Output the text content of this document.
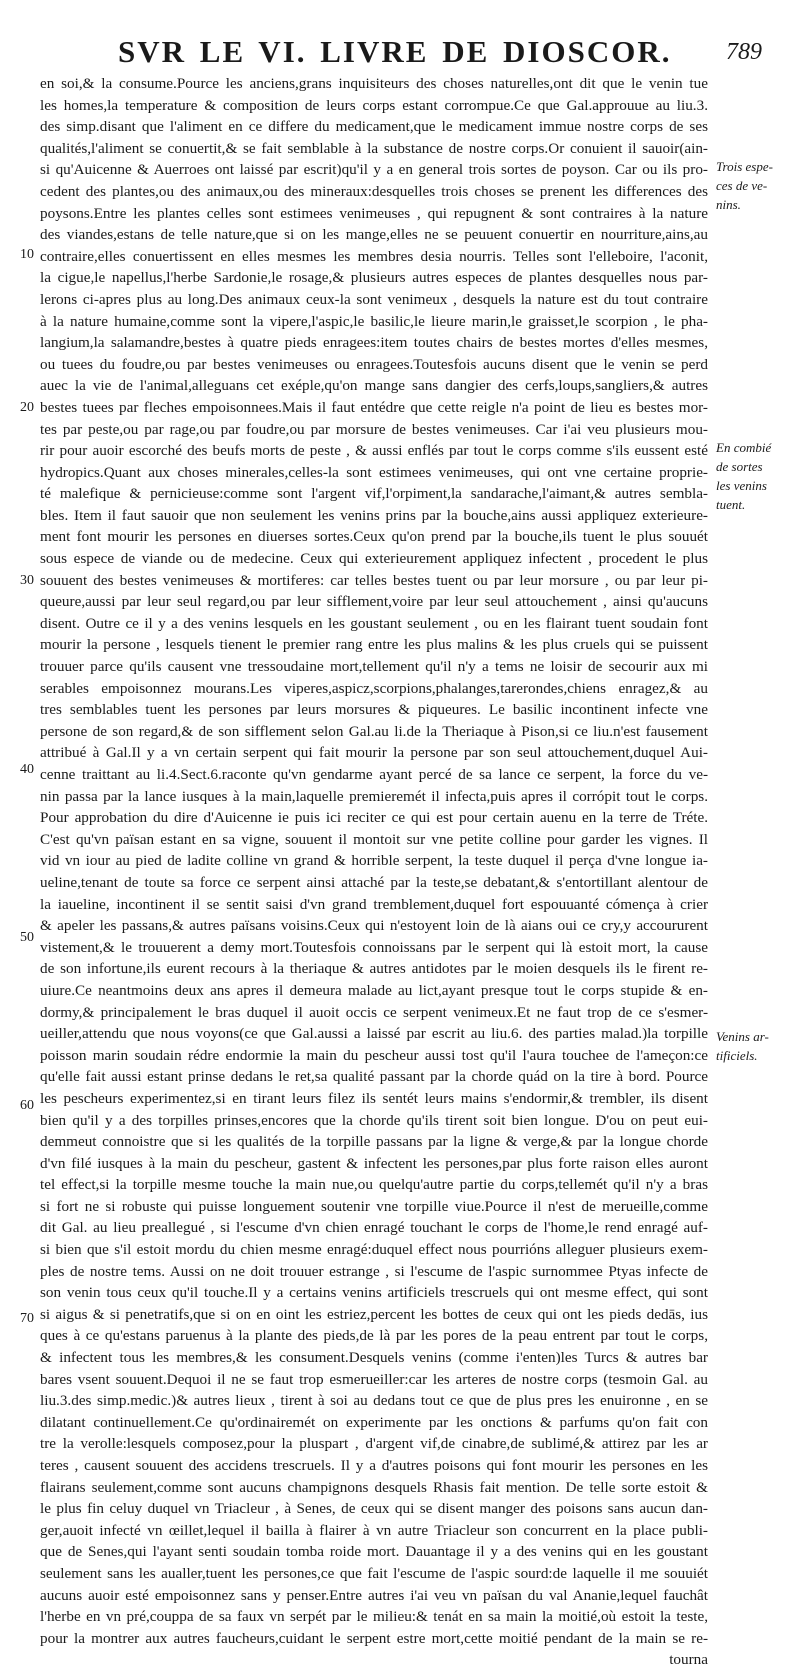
SVR LE VI. LIVRE DE DIOSCOR. 789
en soi,& la consume.Pource les anciens,grans inquisiteurs des choses naturelles,ont dit que le venin tue
les homes,la temperature & composition de leurs corps estant corrompue.Ce que Gal.approuue au liu.3.
des simp.disant que l'aliment en ce differe du medicament,que le medicament immue nostre corps de ses
qualités,l'aliment se conuertit,& se fait semblable à la substance de nostre corps.Or conuient il sauoir(ain-
si qu'Auicenne & Auerroes ont laissé par escrit)qu'il y a en general trois sortes de poyson. Car ou ils pro-
cedent des plantes,ou des animaux,ou des mineraux:desquelles trois choses se prenent les differences des
poysons.Entre les plantes celles sont estimees venimeuses , qui repugnent & sont contraires à la nature
des viandes,estans de telle nature,que si on les mange,elles ne se peuuent conuertir en nourriture,ains,au
contraire,elles conuertissent en elles mesmes les membres desia nourris. Telles sont l'elleboire, l'aconit,
la cigue,le napellus,l'herbe Sardonie,le rosage,& plusieurs autres especes de plantes desquelles nous par-
lerons ci-apres plus au long.Des animaux ceux-la sont venimeux , desquels la nature est du tout contraire
à la nature humaine,comme sont la vipere,l'aspic,le basilic,le lieure marin,le graisset,le scorpion , le pha-
langium,la salamandre,bestes à quatre pieds enragees:item toutes chairs de bestes mortes d'elles mesmes,
ou tuees du foudre,ou par bestes venimeuses ou enragees.Toutesfois aucuns disent que le venin se perd
auec la vie de l'animal,alleguans cet exéple,qu'on mange sans dangier des cerfs,loups,sangliers,& autres
bestes tuees par fleches empoisonnees.Mais il faut entédre que cette reigle n'a point de lieu es bestes mor-
tes par peste,ou par rage,ou par foudre,ou par morsure de bestes venimeuses. Car i'ai veu plusieurs mou-
rir pour auoir escorché des beufs morts de peste , & aussi enflés par tout le corps comme s'ils eussent esté
hydropics.Quant aux choses minerales,celles-la sont estimees venimeuses, qui ont vne certaine proprie-
té malefique & pernicieuse:comme sont l'argent vif,l'orpiment,la sandarache,l'aimant,& autres sembla-
bles. Item il faut sauoir que non seulement les venins prins par la bouche,ains aussi appliquez exterieure-
ment font mourir les persones en diuerses sortes.Ceux qu'on prend par la bouche,ils tuent le plus souuét
sous espece de viande ou de medecine. Ceux qui exterieurement appliquez infectent , procedent le plus
souuent des bestes venimeuses & mortiferes: car telles bestes tuent ou par leur morsure , ou par leur pi-
queure,aussi par leur seul regard,ou par leur sifflement,voire par leur seul attouchement , ainsi qu'aucuns
disent. Outre ce il y a des venins lesquels en les goustant seulement , ou en les flairant tuent soudain font
mourir la persone , lesquels tienent le premier rang entre les plus malins & les plus cruels qui se puissent
trouuer parce qu'ils causent vne tressoudaine mort,tellement qu'il n'y a tems ne loisir de secourir aux mi
serables empoisonnez mourans.Les viperes,aspicz,scorpions,phalanges,tarerondes,chiens enragez,& au
tres semblables tuent les persones par leurs morsures & piqueures. Le basilic incontinent infecte vne
persone de son regard,& de son sifflement selon Gal.au li.de la Theriaque à Pison,si ce liu.n'est fausement
attribué à Gal.Il y a vn certain serpent qui fait mourir la persone par son seul attouchement,duquel Aui-
cenne traittant au li.4.Sect.6.raconte qu'vn gendarme ayant percé de sa lance ce serpent, la force du ve-
nin passa par la lance iusques à la main,laquelle premieremét il infecta,puis apres il corrópit tout le corps.
Pour approbation du dire d'Auicenne ie puis ici reciter ce qui est pour certain auenu en la terre de Tréte.
C'est qu'vn païsan estant en sa vigne, souuent il montoit sur vne petite colline pour garder les vignes. Il
vid vn iour au pied de ladite colline vn grand & horrible serpent, la teste duquel il perça d'vne longue ia-
ueline,tenant de toute sa force ce serpent ainsi attaché par la teste,se debatant,& s'entortillant alentour de
la iaueline, incontinent il se sentit saisi d'vn grand tremblement,duquel fort espouuanté cómença à crier
& apeler les passans,& autres païsans voisins.Ceux qui n'estoyent loin de là aians oui ce cry,y accoururent
vistement,& le trouuerent a demy mort.Toutesfois connoissans par le serpent qui là estoit mort, la cause
de son infortune,ils eurent recours à la theriaque & autres antidotes par le moien desquels ils le firent re-
uiure.Ce neantmoins deux ans apres il demeura malade au lict,ayant presque tout le corps stupide & en-
dormy,& principalement le bras duquel il auoit occis ce serpent venimeux.Et ne faut trop de ce s'esmer-
ueiller,attendu que nous voyons(ce que Gal.aussi a laissé par escrit au liu.6. des parties malad.)la torpille
poisson marin soudain rédre endormie la main du pescheur aussi tost qu'il l'aura touchee de l'ameçon:ce
qu'elle fait aussi estant prinse dedans le ret,sa qualité passant par la chorde quád on la tire à bord. Pource
les pescheurs experimentez,si en tirant leurs filez ils sentét leurs mains s'endormir,& trembler, ils disent
bien qu'il y a des torpilles prinses,encores que la chorde qu'ils tirent soit bien longue. D'ou on peut eui-
demmeut connoistre que si les qualités de la torpille passans par la ligne & verge,& par la longue chorde
d'vn filé iusques à la main du pescheur, gastent & infectent les persones,par plus forte raison elles auront
tel effect,si la torpille mesme touche la main nue,ou quelqu'autre partie du corps,tellemét qu'il n'y a bras
si fort ne si robuste qui puisse longuement soutenir vne torpille viue.Pource il n'est de merueille,comme
dit Gal. au lieu preallegué , si l'escume d'vn chien enragé touchant le corps de l'home,le rend enragé auf-
si bien que s'il estoit mordu du chien mesme enragé:duquel effect nous pourrións alleguer plusieurs exem-
ples de nostre tems. Aussi on ne doit trouuer estrange , si l'escume de l'aspic surnommee Ptyas infecte de
son venin tous ceux qu'il touche.Il y a certains venins artificiels trescruels qui ont mesme effect, qui sont
si aigus & si penetratifs,que si on en oint les estriez,percent les bottes de ceux qui ont les pieds dedās, ius
ques à ce qu'estans paruenus à la plante des pieds,de là par les pores de la peau entrent par tout le corps,
& infectent tous les membres,& les consument.Desquels venins (comme i'enten)les Turcs & autres bar
bares vsent souuent.Dequoi il ne se faut trop esmerueiller:car les arteres de nostre corps (tesmoin Gal. au
liu.3.des simp.medic.)& autres lieux , tirent à soi au dedans tout ce que de plus pres les enuironne , en se
dilatant continuellement.Ce qu'ordinairemét on experimente par les onctions & parfums qu'on fait con
tre la verolle:lesquels composez,pour la pluspart , d'argent vif,de cinabre,de sublimé,& attirez par les ar
teres , causent souuent des accidens trescruels. Il y a d'autres poisons qui font mourir les persones en les
flairans seulement,comme sont aucuns champignons desquels Rhasis fait mention. De telle sorte estoit &
le plus fin celuy duquel vn Triacleur , à Senes, de ceux qui se disent manger des poisons sans aucun dan-
ger,auoit infecté vn œillet,lequel il bailla à flairer à vn autre Triacleur son concurrent en la place publi-
que de Senes,qui l'ayant senti soudain tomba roide mort. Dauantage il y a des venins qui en les goustant
seulement sans les aualler,tuent les persones,ce que fait l'escume de l'aspic sourd:de laquelle il me souuiét
aucuns auoir esté empoisonnez sans y penser.Entre autres i'ai veu vn païsan du val Ananie,lequel fauchât
l'herbe en vn pré,couppa de sa faux vn serpét par le milieu:& tenát en sa main la moitié,où estoit la teste,
pour la montrer aux autres faucheurs,cuidant le serpent estre mort,cette moitié pendant de la main se re-
tourna
10
20
30
40
50
60
70
Trois espe-
ces de ve-
nins.
En combié
de sortes
les venins
tuent.
Venins ar-
tificiels.
